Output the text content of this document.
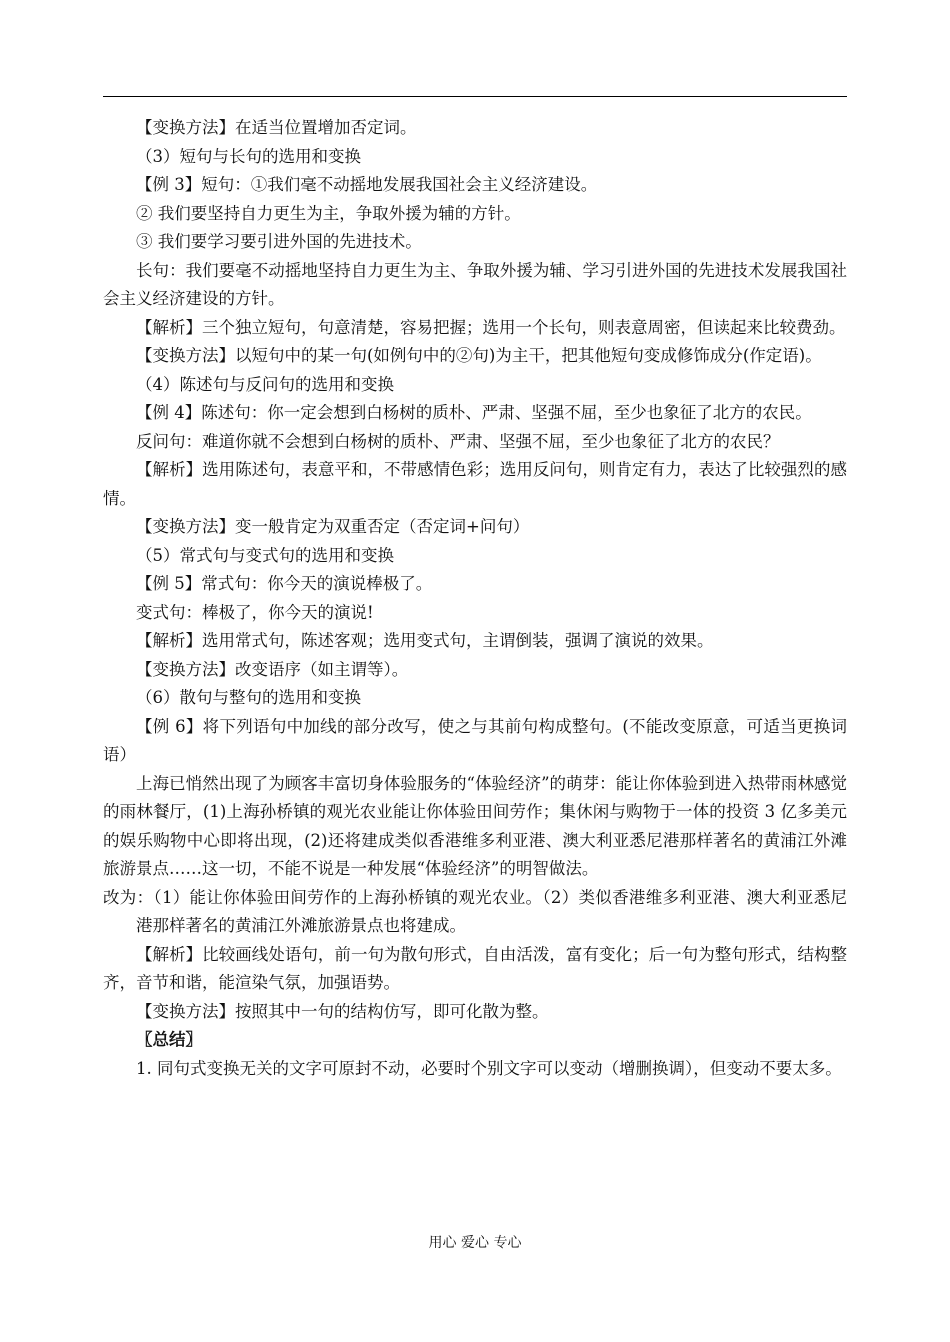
【变换方法】在适当位置增加否定词。

（3）短句与长句的选用和变换

【例 3】短句：①我们毫不动摇地发展我国社会主义经济建设。

② 我们要坚持自力更生为主，争取外援为辅的方针。

③ 我们要学习要引进外国的先进技术。

长句：我们要毫不动摇地坚持自力更生为主、争取外援为辅、学习引进外国的先进技术发展我国社会主义经济建设的方针。

【解析】三个独立短句，句意清楚，容易把握；选用一个长句，则表意周密，但读起来比较费劲。

【变换方法】以短句中的某一句(如例句中的②句)为主干，把其他短句变成修饰成分(作定语)。

（4）陈述句与反问句的选用和变换

【例 4】陈述句：你一定会想到白杨树的质朴、严肃、坚强不屈，至少也象征了北方的农民。

反问句：难道你就不会想到白杨树的质朴、严肃、坚强不屈，至少也象征了北方的农民？

【解析】选用陈述句，表意平和，不带感情色彩；选用反问句，则肯定有力，表达了比较强烈的感情。

【变换方法】变一般肯定为双重否定（否定词+问句）

（5）常式句与变式句的选用和变换

【例 5】常式句：你今天的演说棒极了。

变式句：棒极了，你今天的演说!

【解析】选用常式句，陈述客观；选用变式句，主谓倒装，强调了演说的效果。

【变换方法】改变语序（如主谓等）。

（6）散句与整句的选用和变换

【例 6】将下列语句中加线的部分改写，使之与其前句构成整句。(不能改变原意，可适当更换词语）

上海已悄然出现了为顾客丰富切身体验服务的“体验经济”的萌芽：能让你体验到进入热带雨林感觉的雨林餐厅，(1)上海孙桥镇的观光农业能让你体验田间劳作；集休闲与购物于一体的投资 3 亿多美元的娱乐购物中心即将出现，(2)还将建成类似香港维多利亚港、澳大利亚悉尼港那样著名的黄浦江外滩旅游景点……这一切，不能不说是一种发展“体验经济”的明智做法。

改为：（1）能让你体验田间劳作的上海孙桥镇的观光农业。（2）类似香港维多利亚港、澳大利亚悉尼港那样著名的黄浦江外滩旅游景点也将建成。

【解析】比较画线处语句，前一句为散句形式，自由活泼，富有变化；后一句为整句形式，结构整齐，音节和谐，能渲染气氛，加强语势。

【变换方法】按照其中一句的结构仿写，即可化散为整。

〖总结〗

1. 同句式变换无关的文字可原封不动，必要时个别文字可以变动（增删换调），但变动不要太多。

用心 爱心 专心
